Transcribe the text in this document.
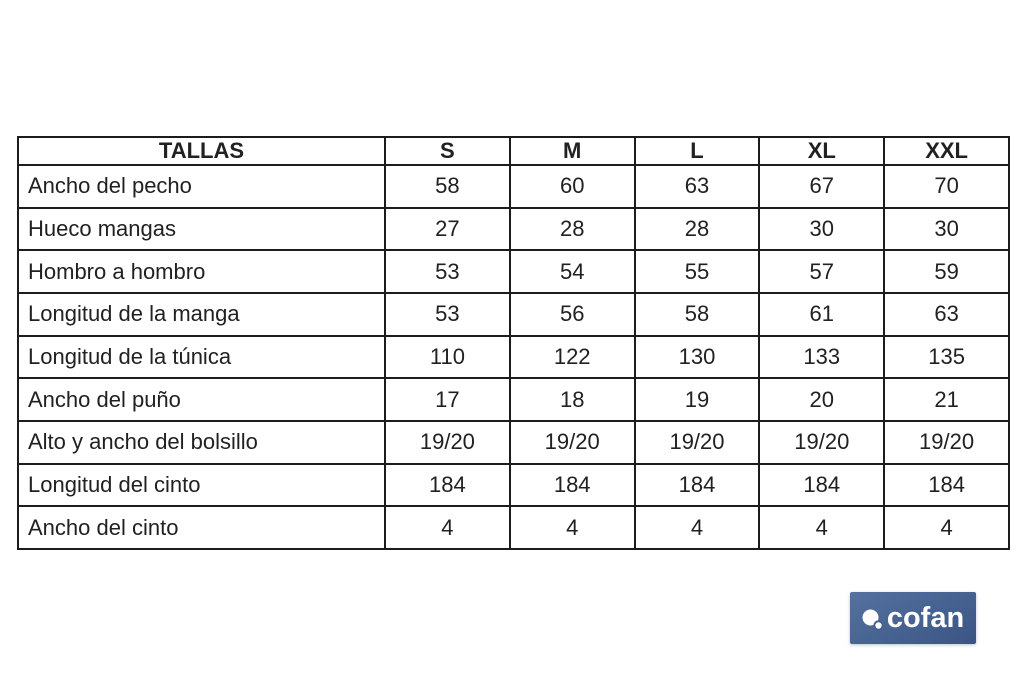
TALLAS	S	M	L	XL	XXL
Ancho del pecho	58	60	63	67	70
Hueco mangas	27	28	28	30	30
Hombro a hombro	53	54	55	57	59
Longitud de la manga	53	56	58	61	63
Longitud de la túnica	110	122	130	133	135
Ancho del puño	17	18	19	20	21
Alto y ancho del bolsillo	19/20	19/20	19/20	19/20	19/20
Longitud del cinto	184	184	184	184	184
Ancho del cinto	4	4	4	4	4
cofan
